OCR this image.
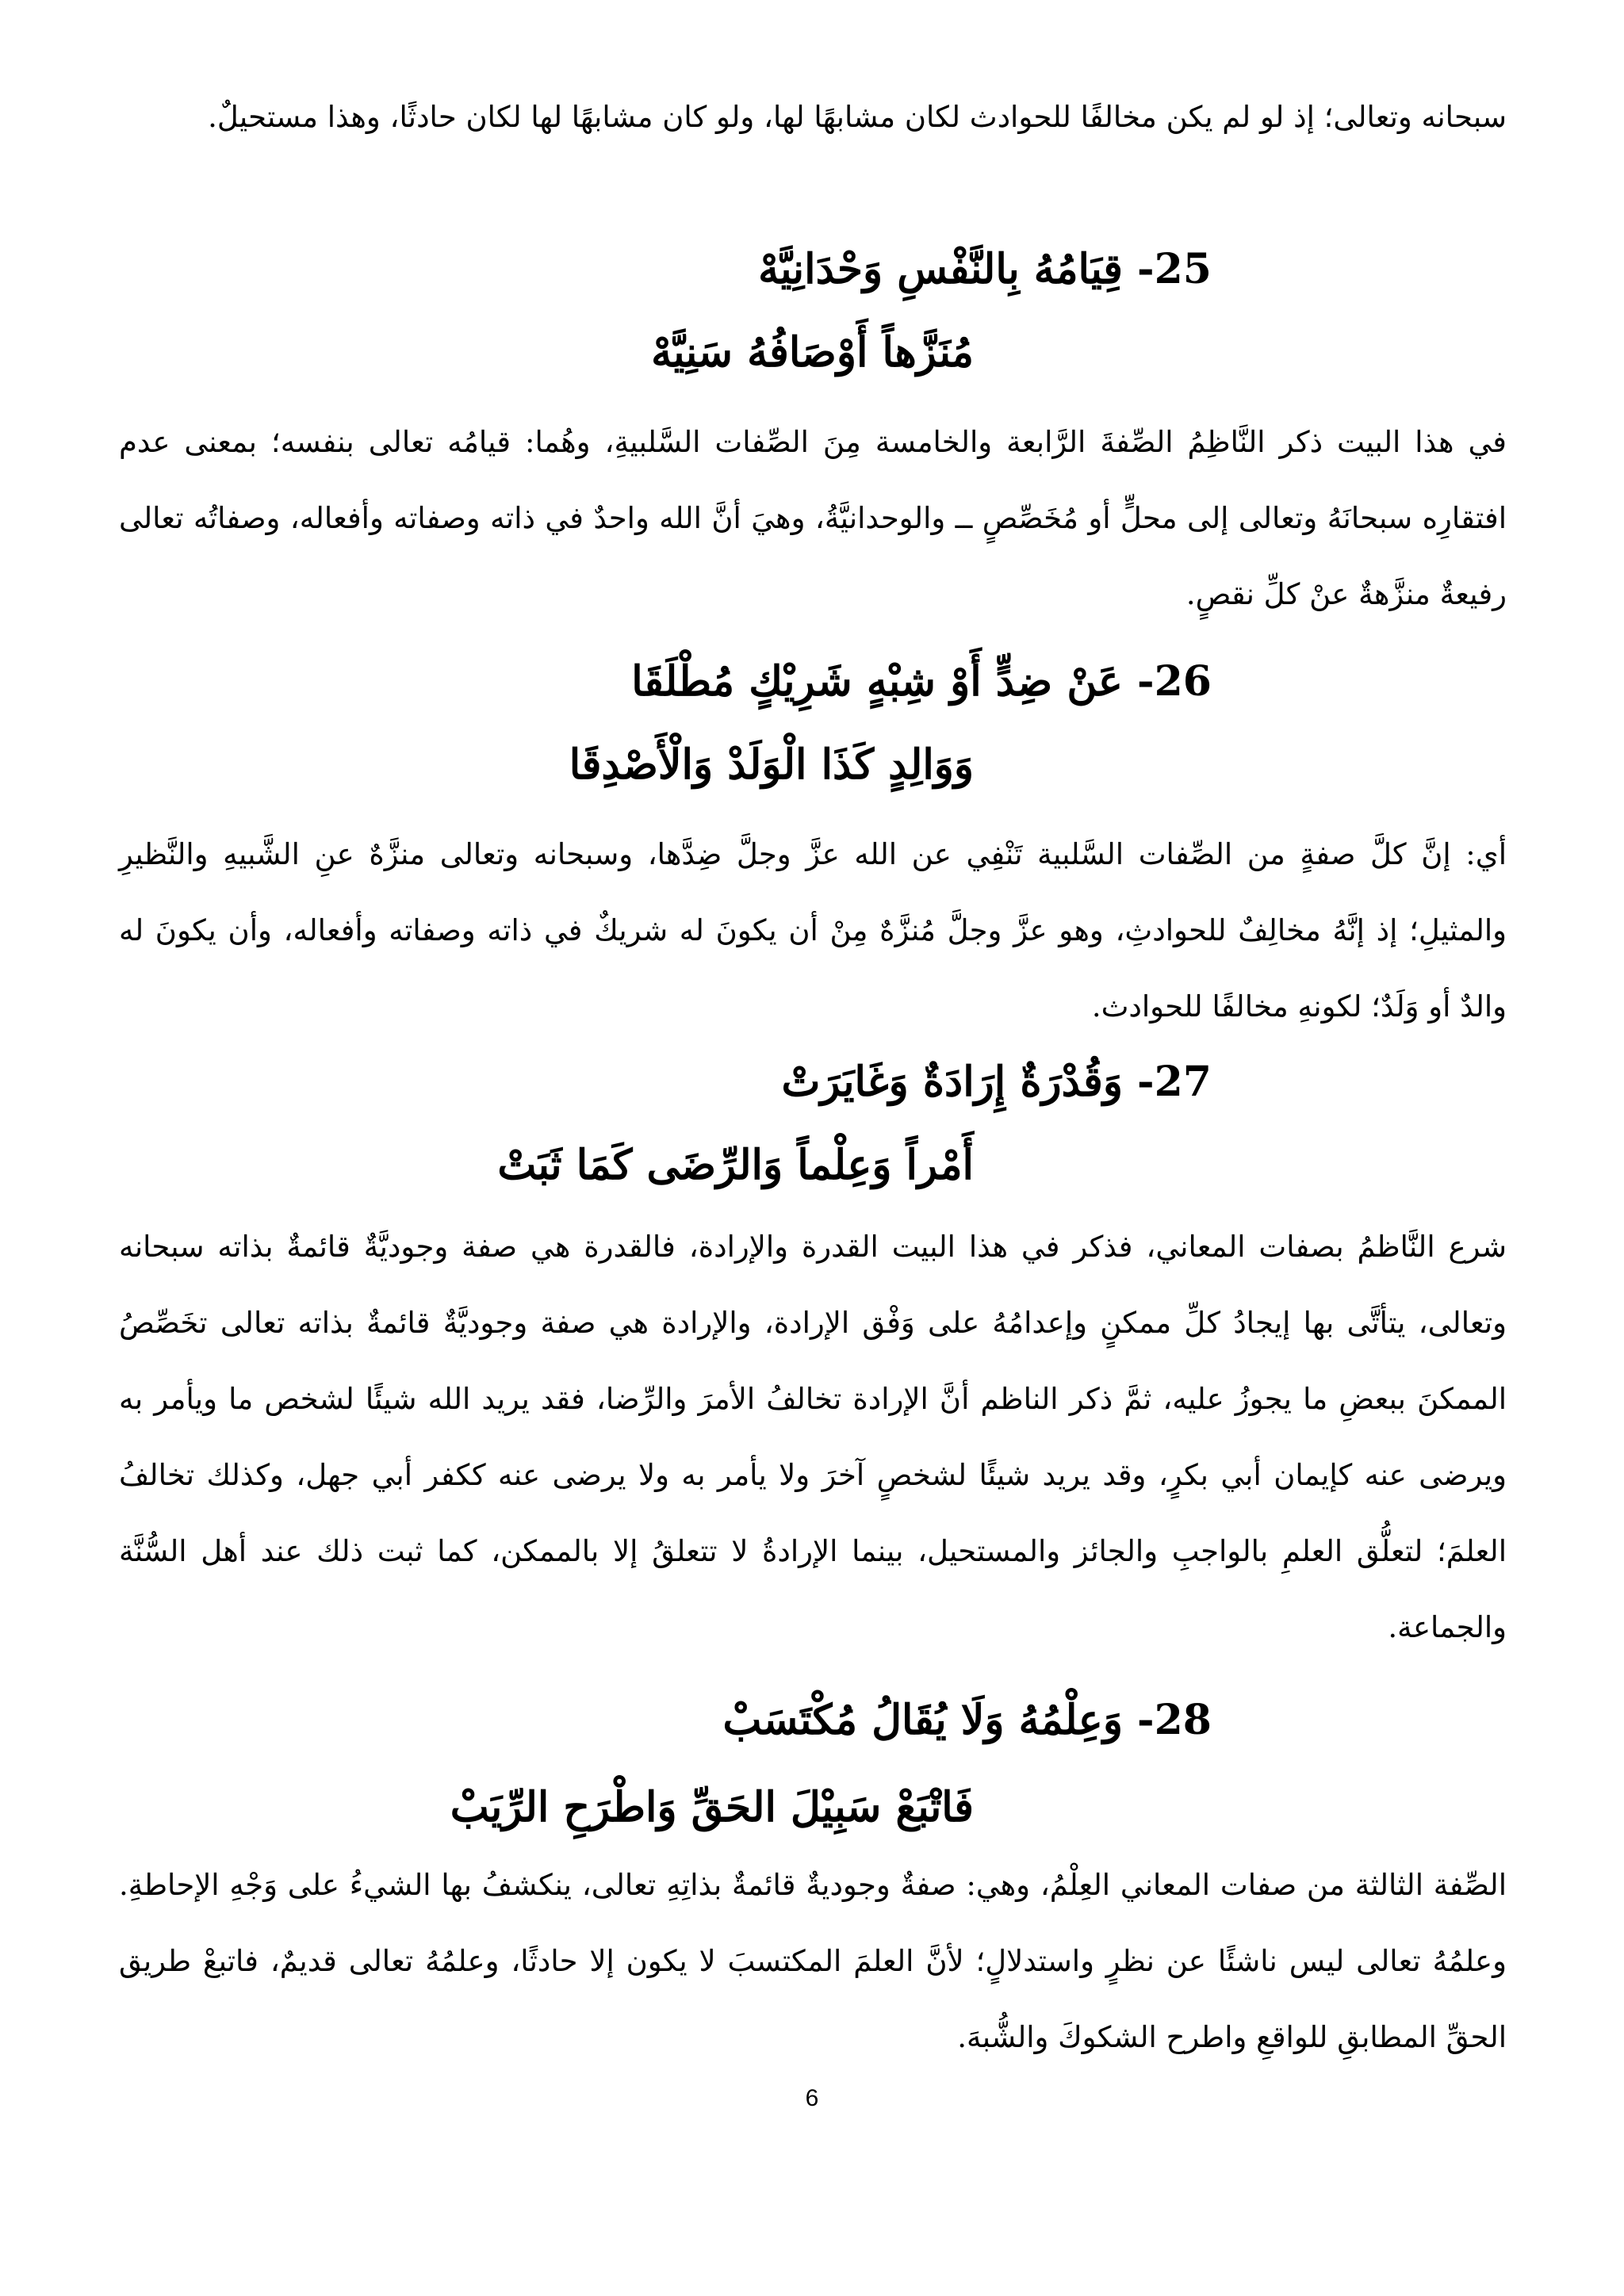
سبحانه وتعالى؛ إذ لو لم يكن مخالفًا للحوادث لكان مشابهًا لها، ولو كان مشابهًا لها لكان حادثًا، وهذا مستحيلٌ.

25- قِيَامُهُ بِالنَّفْسِ وَحْدَانِيَّهْ
مُنَزَّهاً أَوْصَافُهُ سَنِيَّهْ

في هذا البيت ذكر النَّاظِمُ الصِّفةَ الرَّابعة والخامسة مِنَ الصِّفات السَّلبيةِ، وهُما: قيامُه تعالى بنفسه؛ بمعنى عدم افتقارِه سبحانَهُ وتعالى إلى محلٍّ أو مُخَصِّصٍ ــ والوحدانيَّةُ، وهيَ أنَّ الله واحدٌ في ذاته وصفاته وأفعاله، وصفاتُه تعالى رفيعةٌ منزَّهةٌ عنْ كلِّ نقصٍ.

26- عَنْ ضِدٍّ أَوْ شِبْهٍ شَرِيْكٍ مُطْلَقَا
وَوَالِدٍ كَذَا الْوَلَدْ وَالْأَصْدِقَا

أي: إنَّ كلَّ صفةٍ من الصِّفات السَّلبية تَنْفِي عن الله عزَّ وجلَّ ضِدَّها، وسبحانه وتعالى منزَّهٌ عنِ الشَّبيهِ والنَّظيرِ والمثيلِ؛ إذ إنَّهُ مخالِفٌ للحوادثِ، وهو عزَّ وجلَّ مُنزَّهٌ مِنْ أن يكونَ له شريكٌ في ذاته وصفاته وأفعاله، وأن يكونَ له والدٌ أو وَلَدٌ؛ لكونهِ مخالفًا للحوادث.

27- وَقُدْرَةٌ إِرَادَةٌ وَغَايَرَتْ
أَمْراً وَعِلْماً وَالرِّضَى كَمَا ثَبَتْ

شرع النَّاظمُ بصفات المعاني، فذكر في هذا البيت القدرة والإرادة، فالقدرة هي صفة وجوديَّةٌ قائمةٌ بذاته سبحانه وتعالى، يتأتَّى بها إيجادُ كلِّ ممكنٍ وإعدامُهُ على وَفْق الإرادة، والإرادة هي صفة وجوديَّةٌ قائمةٌ بذاته تعالى تخَصِّصُ الممكنَ ببعضِ ما يجوزُ عليه، ثمَّ ذكر الناظم أنَّ الإرادة تخالفُ الأمرَ والرِّضا، فقد يريد الله شيئًا لشخص ما ويأمر به ويرضى عنه كإيمان أبي بكرٍ، وقد يريد شيئًا لشخصٍ آخرَ ولا يأمر به ولا يرضى عنه ككفر أبي جهل، وكذلك تخالفُ العلمَ؛ لتعلُّق العلمِ بالواجبِ والجائز والمستحيل، بينما الإرادةُ لا تتعلقُ إلا بالممكن، كما ثبت ذلك عند أهل السُّنَّة والجماعة.

28- وَعِلْمُهُ وَلَا يُقَالُ مُكْتَسَبْ
فَاتْبَعْ سَبِيْلَ الحَقِّ وَاطْرَحِ الرِّيَبْ

الصِّفة الثالثة من صفات المعاني العِلْمُ، وهي: صفةٌ وجوديةٌ قائمةٌ بذاتِهِ تعالى، ينكشفُ بها الشيءُ على وَجْهِ الإحاطةِ. وعلمُهُ تعالى ليس ناشئًا عن نظرٍ واستدلالٍ؛ لأنَّ العلمَ المكتسبَ لا يكون إلا حادثًا، وعلمُهُ تعالى قديمٌ، فاتبعْ طريق الحقِّ المطابقِ للواقعِ واطرح الشكوكَ والشُّبهَ.

6
